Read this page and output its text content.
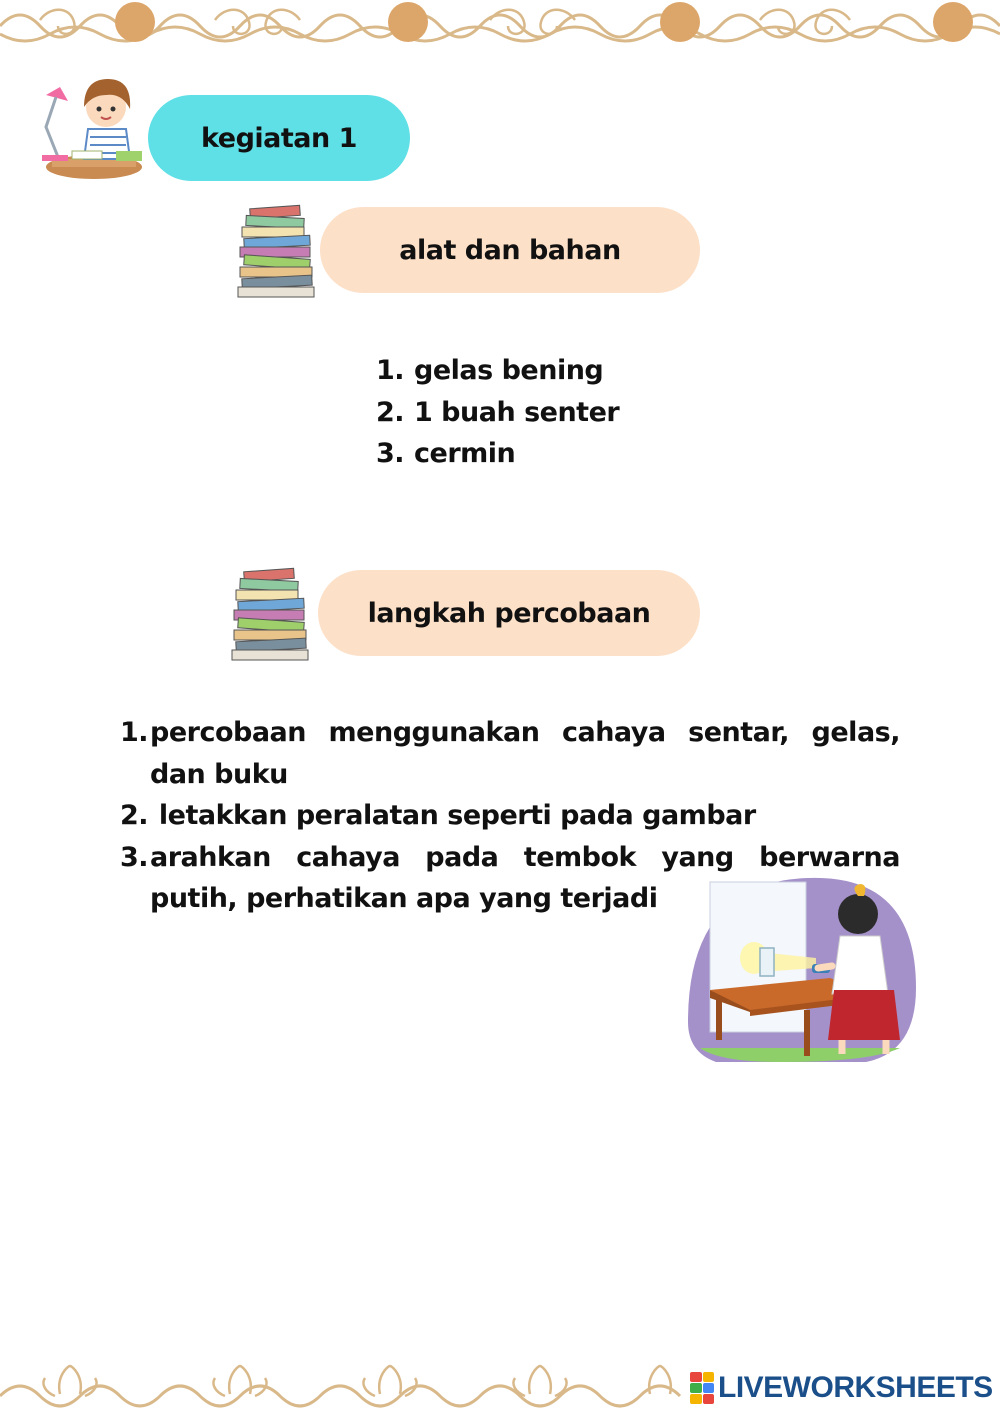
kegiatan 1
alat dan bahan
1. gelas bening
2. 1 buah senter
3. cermin
langkah percobaan
1. percobaan menggunakan cahaya sentar, gelas, dan buku
2. letakkan peralatan seperti pada gambar
3. arahkan cahaya pada tembok yang berwarna putih, perhatikan apa yang terjadi
LIVEWORKSHEETS
